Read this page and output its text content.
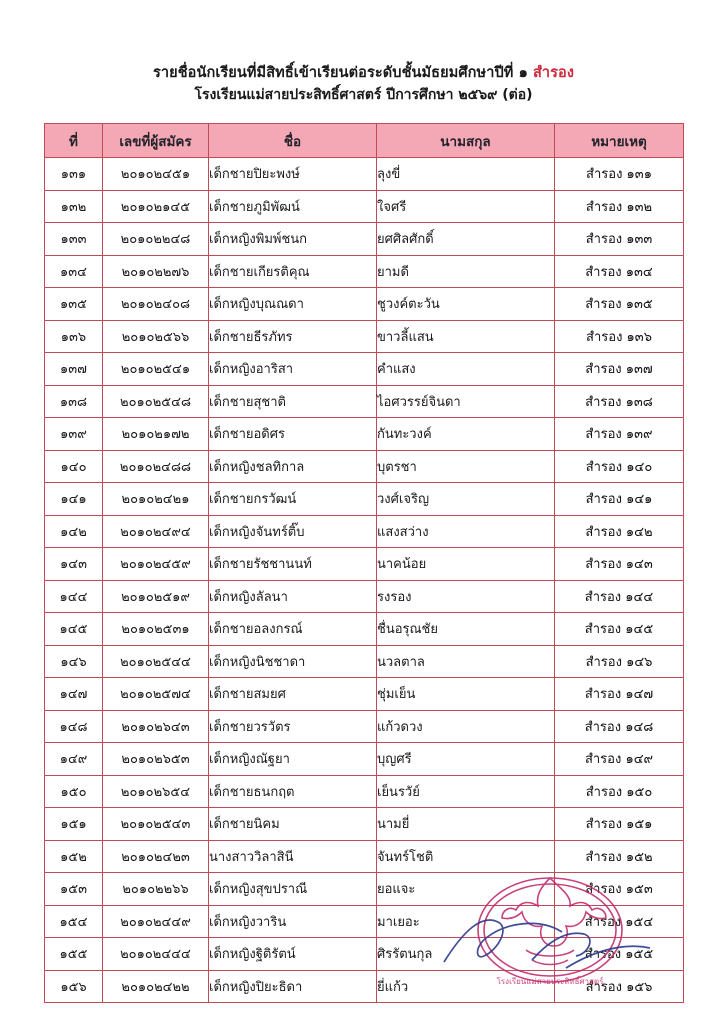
รายชื่อนักเรียนที่มีสิทธิ์เข้าเรียนต่อระดับชั้นมัธยมศึกษาปีที่ ๑ สำรอง
โรงเรียนแม่สายประสิทธิ์ศาสตร์ ปีการศึกษา ๒๕๖๙ (ต่อ)
ที่	เลขที่ผู้สมัคร	ชื่อ	นามสกุล	หมายเหตุ
๑๓๑	๒๐๑๐๒๔๕๑	เด็กชายปิยะพงษ์	ลุงขี่	สำรอง ๑๓๑
๑๓๒	๒๐๑๐๒๑๔๕	เด็กชายภูมิพัฒน์	ใจศรี	สำรอง ๑๓๒
๑๓๓	๒๐๑๐๒๒๔๘	เด็กหญิงพิมพ์ชนก	ยศศิลศักดิ์	สำรอง ๑๓๓
๑๓๔	๒๐๑๐๒๒๗๖	เด็กชายเกียรติคุณ	ยามดี	สำรอง ๑๓๔
๑๓๕	๒๐๑๐๒๔๐๘	เด็กหญิงบุณณดา	ชูวงค์ตะวัน	สำรอง ๑๓๕
๑๓๖	๒๐๑๐๒๕๖๖	เด็กชายธีรภัทร	ขาวลี้แสน	สำรอง ๑๓๖
๑๓๗	๒๐๑๐๒๕๔๑	เด็กหญิงอาริสา	คำแสง	สำรอง ๑๓๗
๑๓๘	๒๐๑๐๒๕๔๘	เด็กชายสุชาติ	ไอศวรรย์จินดา	สำรอง ๑๓๘
๑๓๙	๒๐๑๐๒๑๗๒	เด็กชายอดิศร	กันทะวงค์	สำรอง ๑๓๙
๑๔๐	๒๐๑๐๒๔๘๘	เด็กหญิงชลทิกาล	บุตรชา	สำรอง ๑๔๐
๑๔๑	๒๐๑๐๒๔๒๑	เด็กชายกรวัฒน์	วงศ์เจริญ	สำรอง ๑๔๑
๑๔๒	๒๐๑๐๒๔๙๔	เด็กหญิงจันทร์ติ๊บ	แสงสว่าง	สำรอง ๑๔๒
๑๔๓	๒๐๑๐๒๔๕๙	เด็กชายรัชชานนท์	นาคน้อย	สำรอง ๑๔๓
๑๔๔	๒๐๑๐๒๕๑๙	เด็กหญิงลัลนา	รงรอง	สำรอง ๑๔๔
๑๔๕	๒๐๑๐๒๕๓๑	เด็กชายอลงกรณ์	ชื่นอรุณชัย	สำรอง ๑๔๕
๑๔๖	๒๐๑๐๒๕๔๔	เด็กหญิงนิชชาดา	นวลตาล	สำรอง ๑๔๖
๑๔๗	๒๐๑๐๒๕๗๔	เด็กชายสมยศ	ชุ่มเย็น	สำรอง ๑๔๗
๑๔๘	๒๐๑๐๒๖๔๓	เด็กชายวรวัตร	แก้วดวง	สำรอง ๑๔๘
๑๔๙	๒๐๑๐๒๖๕๓	เด็กหญิงณัฐยา	บุญศรี	สำรอง ๑๔๙
๑๕๐	๒๐๑๐๒๖๕๔	เด็กชายธนกฤต	เย็นรวัย์	สำรอง ๑๕๐
๑๕๑	๒๐๑๐๒๕๔๓	เด็กชายนิคม	นามยี่	สำรอง ๑๕๑
๑๕๒	๒๐๑๐๒๔๒๓	นางสาววิลาสินี	จันทร์โชติ	สำรอง ๑๕๒
๑๕๓	๒๐๑๐๒๒๖๖	เด็กหญิงสุขปราณี	ยอแจะ	สำรอง ๑๕๓
๑๕๔	๒๐๑๐๒๔๔๙	เด็กหญิงวาริน	มาเยอะ	สำรอง ๑๕๔
๑๕๕	๒๐๑๐๒๔๔๔	เด็กหญิงฐิติรัตน์	ศิรรัตนกุล	สำรอง ๑๕๕
๑๕๖	๒๐๑๐๒๔๒๒	เด็กหญิงปิยะธิดา	ยี่แก้ว	สำรอง ๑๕๖
โรงเรียนแม่สายประสิทธิ์ศาสตร์
